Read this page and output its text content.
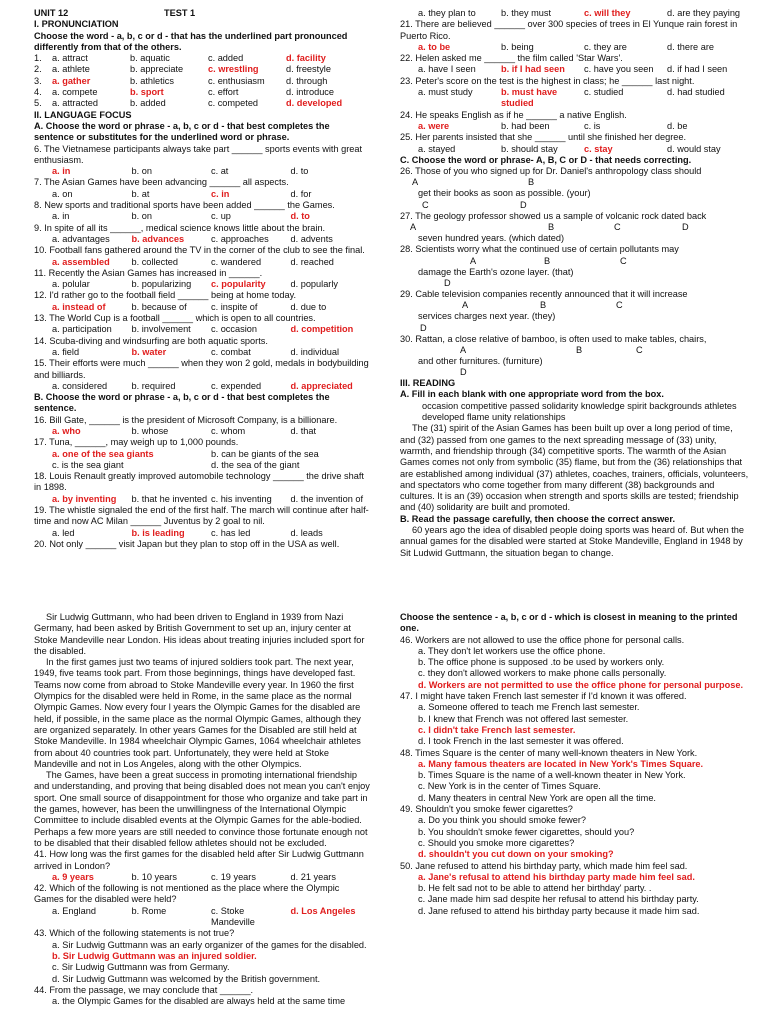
UNIT 12	TEST 1
I. PRONUNCIATION
Choose the word - a, b, c or d - that has the underlined part pronounced differently from that of the others.
1.	a. attract	b. aquatic	c. added	d. facility
2.	a. athlete	b. appreciate	c. wrestling	d. freestyle
3.	a. gather	b. athletics	c. enthusiasm	d. through
4.	a. compete	b. sport	c. effort	d. introduce
5.	a. attracted	b. added	c. competed	d. developed
II. LANGUAGE FOCUS
A. Choose the word or phrase - a, b, c or d - that best completes the sentence or substitutes for the underlined word or phrase.
6. The Vietnamese participants always take part ______ sports events with great enthusiasm.
a. in	b. on	c. at	d. to
7. The Asian Games have been advancing ______ all aspects.
a. on	b. at	c. in	d. for
8. New sports and traditional sports have been added ______ the Games.
a. in	b. on	c. up	d. to
9. In spite of all its ______, medical science knows little about the brain.
a. advantages	b. advances	c. approaches	d. advents
10. Football fans gathered around the TV in the corner of the club to see the final.
a. assembled	b. collected	c. wandered	d. reached
11. Recently the Asian Games has increased in ______.
a. polular	b. popularizing	c. popularity	d. popularly
12. I'd rather go to the football field ______ being at home today.
a. instead of	b. because of	c. inspite of	d. due to
13. The World Cup is a football ______ which is open to all countries.
a. participation	b. involvement	c. occasion	d. competition
14. Scuba-diving and windsurfing are both aquatic sports.
a. field	b. water	c. combat	d. individual
15. Their efforts were much ______ when they won 2 gold, medals in bodybuilding and billiards.
a. considered	b. required	c. expended	d. appreciated
B. Choose the word or phrase - a, b, c or d - that best completes the sentence.
16. Bill Gate, ______ is the president of Microsoft Company, is a billionare.
a. who	b. whose	c. whom	d. that
17. Tuna, ______, may weigh up to 1,000 pounds.
a. one of the sea giants	b. can be giants of the sea
c. is the sea giant	d. the sea of the giant
18. Louis Renault greatly improved automobile technology ______ the drive shaft in 1898.
a. by inventing	b. that he invented c. his inventing	d. the invention of
19. The whistle signaled the end of the first half. The march will continue after half-time and now AC Milan ______ Juventus by 2 goal to nil.
a. led	b. is leading	c. has led	d. leads
20. Not only ______ visit Japan but they plan to stop off in the USA as well.

Sir Ludwig Guttmann, who had been driven to England in 1939 from Nazi Germany, had been asked by British Government to set up an, injury center at Stoke Mandeville near London. His ideas about treating injuries included sport for the disabled.

In the first games just two teams of injured soldiers took part. The next year, 1949, five teams took part. From those beginnings, things have developed fast. Teams now come from abroad to Stoke Mandeville every year. In 1960 the first Olympics for the disabled were held in Rome, in the same place as the normal Olympic Games. Now every four l years the Olympic Games for the disabled are held, if possible, in the same place as the normal Olympic Games, although they are organized separately. In other years Games for the Disabled are still held at Stoke Mandeville. In 1984 wheelchair Olympic Games, 1064 wheelchair athletes from about 40 countries took part. Unfortunately, they were held at Stoke Mandeville and not in Los Angeles, along with the other Olympics.

The Games, have been a great success in promoting international friendship and understanding, and proving that being disabled does not mean you can't enjoy sport. One small source of disappointment for those who organize and take part in the games, however, has been the unwillingness of the International Olympic Committee to include disabled events at the Olympic Games for the able-bodied. Perhaps a few more years are still needed to convince those fortunate enough not to be disabled that their disabled fellow athletes should not be excluded.

41. How long was the first games for the disabled held after Sir Ludwig Guttmann arrived in London?
a. 9 years	b. 10 years	c. 19 years	d. 21 years
42. Which of the following is not mentioned as the place where the Olympic Games for the disabled were held?
a. England	b. Rome	c. Stoke Mandeville
d. Los Angeles
43. Which of the following statements is not true?
a. Sir Ludwig Guttmann was an early organizer of the games for the disabled.
b. Sir Ludwig Guttmann was an injured soldier.
c. Sir Ludwig Guttmann was from Germany.
d. Sir Ludwig Guttmann was welcomed by the British government.
44. From the passage, we may conclude that ______.
a. the Olympic Games for the disabled are always held at the same time
a. they plan to	b. they must	c. will they	d. are they paying
21. There are believed ______ over 300 species of trees in El Yunque rain forest in Puerto Rico.
a. to be	b. being	c. they are	d. there are
22. Helen asked me ______ the film called 'Star Wars'.
a. have I seen	b. if I had seen	c. have you seen	d. if had I seen
23. Peter's score on the test is the highest in class; he ______ last night.
a. must study	b. must have studied
c. studied	d. had studied
24. He speaks English as if he ______ a native English.
a. were	b. had been	c. is	d. be
25. Her parents insisted that she ______ until she finished her degree.
a. stayed	b. should stay	c. stay	d. would stay
C. Choose the word or phrase- A, B, C or D - that needs correcting.
26. Those of you who signed up for Dr. Daniel's anthropology class should
A	B
get their books as soon as possible. (your)
C	D
27. The geology professor showed us a sample of volcanic rock dated back
A	B	C	D
seven hundred years. (which dated)
28. Scientists worry what the continued use of certain pollutants may
A	B	C
damage the Earth's ozone layer. (that)
D
29. Cable television companies recently announced that it will increase
A	B	C
services charges next year. (they)
D
30. Rattan, a close relative of bamboo, is often used to make tables, chairs,
A	B	C
and other furnitures. (furniture)
D
III. READING
A. Fill in each blank with one appropriate word from the box.
occasion competitive passed solidarity knowledge spirit backgrounds athletes developed flame unity relationships

The (31) spirit of the Asian Games has been built up over a long period of time, and (32) passed from one games to the next spreading message of (33) unity, warmth, and friendship through (34) competitive sports. The warmth of the Asian Games comes not only from symbolic (35) flame, but from the (36) relationships that are established among individual (37) athletes, coaches, trainers, officials, volunteers, and spectators who come together from many different (38) backgrounds and cultures. It is an (39) occasion when strength and sports skills are tested; friendship and (40) solidarity are built and promoted.

B. Read the passage carefully, then choose the correct answer.

60 years ago the idea of disabled people doing sports was heard of. But when the annual games for the disabled were started at Stoke Mandeville, England in 1948 by Sit Ludwid Guttmann, the situation began to change.

Choose the sentence - a, b, c or d - which is closest in meaning to the printed one.
46. Workers are not allowed to use the office phone for personal calls.
a. They don't let workers use the office phone.
b. The office phone is supposed .to be used by workers only.
c. they don't allowed workers to make phone calls personally.
d. Workers are not permitted to use the office phone for personal purpose.
47. I might have taken French last semester if I'd known it was offered.
a. Someone offered to teach me French last semester.
b. I knew that French was not offered last semester.
c. I didn't take French last semester.
d. I took French in the last semester it was offered.
48. Times Square is the center of many well-known theaters in New York.
a. Many famous theaters are located in New York's Times Square.
b. Times Square is the name of a well-known theater in New York.
c. New York is in the center of Times Square.
d. Many theaters in central New York are open all the time.
49. Shouldn't you smoke fewer cigarettes?
a. Do you think you should smoke fewer?
b. You shouldn't smoke fewer cigarettes, should you?
c. Should you smoke more cigarettes?
d. shouldn't you cut down on your smoking?
50. Jane refused to attend his birthday party, which made him feel sad.
a. Jane's refusal to attend his birthday party made him feel sad.
b. He felt sad not to be able to attend her birthday' party. .
c. Jane made him sad despite her refusal to attend his birthday party.
d. Jane refused to attend his birthday party because it made him sad.
